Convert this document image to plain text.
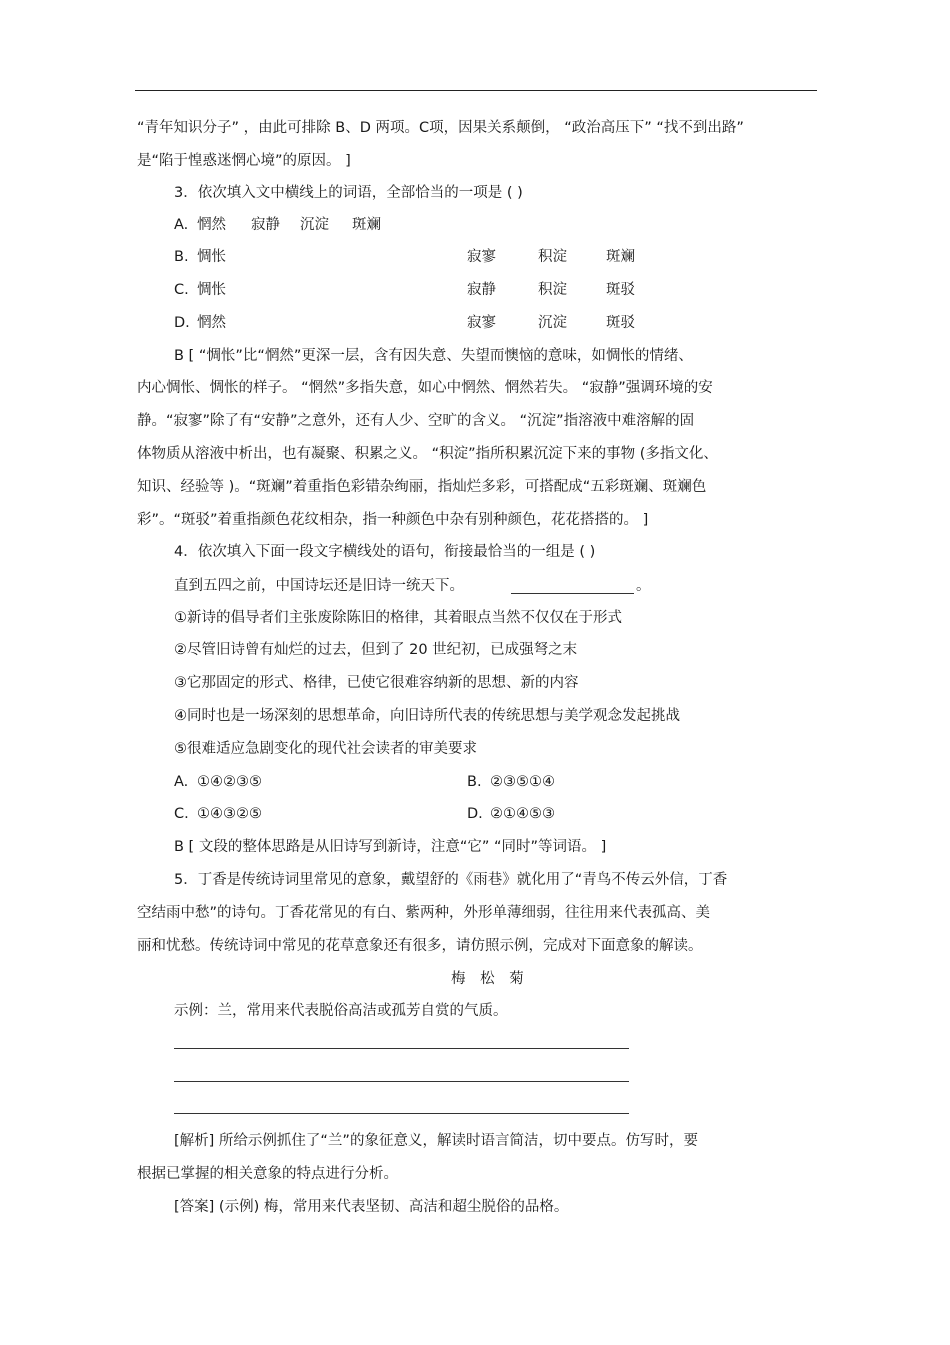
“青年知识分子” ，由此可排除 B、D 两项。C项，因果关系颠倒， “政治高压下” “找不到出路”
是“陷于惶惑迷惘心境”的原因。 ]
3．依次填入文中横线上的词语，全部恰当的一项是 ( )
A. 惘然 寂静 沉淀 斑斓
B. 惆怅	寂寥	积淀	斑斓
C. 惆怅	寂静	积淀	斑驳
D. 惘然	寂寥	沉淀	斑驳
B [ “惆怅”比“惘然”更深一层，含有因失意、失望而懊恼的意味，如惆怅的情绪、
内心惆怅、惆怅的样子。 “惘然”多指失意，如心中惘然、惘然若失。 “寂静”强调环境的安
静。“寂寥”除了有“安静”之意外，还有人少、空旷的含义。 “沉淀”指溶液中难溶解的固
体物质从溶液中析出，也有凝聚、积累之义。 “积淀”指所积累沉淀下来的事物 (多指文化、
知识、经验等 )。“斑斓”着重指色彩错杂绚丽，指灿烂多彩，可搭配成“五彩斑斓、斑斓色
彩”。“斑驳”着重指颜色花纹相杂，指一种颜色中杂有别种颜色，花花搭搭的。 ]
4．依次填入下面一段文字横线处的语句，衔接最恰当的一组是 ( )
直到五四之前，中国诗坛还是旧诗一统天下。	。
①新诗的倡导者们主张废除陈旧的格律，其着眼点当然不仅仅在于形式
②尽管旧诗曾有灿烂的过去，但到了 20 世纪初，已成强弩之末
③它那固定的形式、格律，已使它很难容纳新的思想、新的内容
④同时也是一场深刻的思想革命，向旧诗所代表的传统思想与美学观念发起挑战
⑤很难适应急剧变化的现代社会读者的审美要求
A. ①④②③⑤	B. ②③⑤①④
C. ①④③②⑤	D. ②①④⑤③
B [ 文段的整体思路是从旧诗写到新诗，注意“它” “同时”等词语。 ]
5．丁香是传统诗词里常见的意象，戴望舒的《雨巷》就化用了“青鸟不传云外信，丁香
空结雨中愁”的诗句。丁香花常见的有白、紫两种，外形单薄细弱，往往用来代表孤高、美
丽和忧愁。传统诗词中常见的花草意象还有很多，请仿照示例，完成对下面意象的解读。
梅 松 菊
示例：兰，常用来代表脱俗高洁或孤芳自赏的气质。
[解析] 所给示例抓住了“兰”的象征意义，解读时语言简洁，切中要点。仿写时，要
根据已掌握的相关意象的特点进行分析。
[答案] (示例) 梅，常用来代表坚韧、高洁和超尘脱俗的品格。
